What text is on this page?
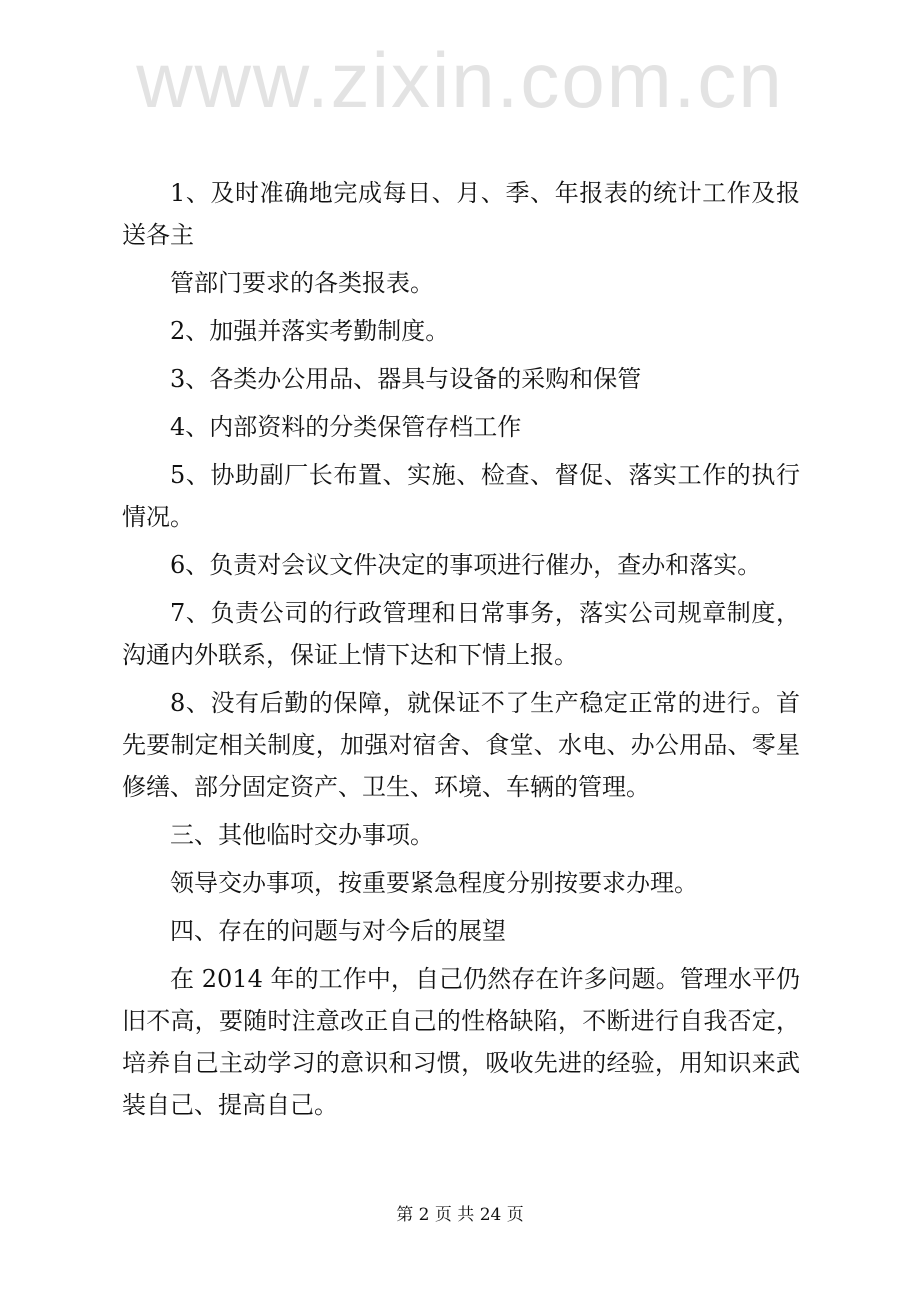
www.zixin.com.cn

1、及时准确地完成每日、月、季、年报表的统计工作及报
送各主

管部门要求的各类报表。

2、加强并落实考勤制度。

3、各类办公用品、器具与设备的采购和保管

4、内部资料的分类保管存档工作

5、协助副厂长布置、实施、检查、督促、落实工作的执行
情况。

6、负责对会议文件决定的事项进行催办，查办和落实。

7、负责公司的行政管理和日常事务，落实公司规章制度，
沟通内外联系，保证上情下达和下情上报。

8、没有后勤的保障，就保证不了生产稳定正常的进行。首
先要制定相关制度，加强对宿舍、食堂、水电、办公用品、零星
修缮、部分固定资产、卫生、环境、车辆的管理。

三、其他临时交办事项。

领导交办事项，按重要紧急程度分别按要求办理。

四、存在的问题与对今后的展望

在 2014 年的工作中，自己仍然存在许多问题。管理水平仍
旧不高，要随时注意改正自己的性格缺陷，不断进行自我否定，
培养自己主动学习的意识和习惯，吸收先进的经验，用知识来武
装自己、提高自己。

第 2 页 共 24 页
